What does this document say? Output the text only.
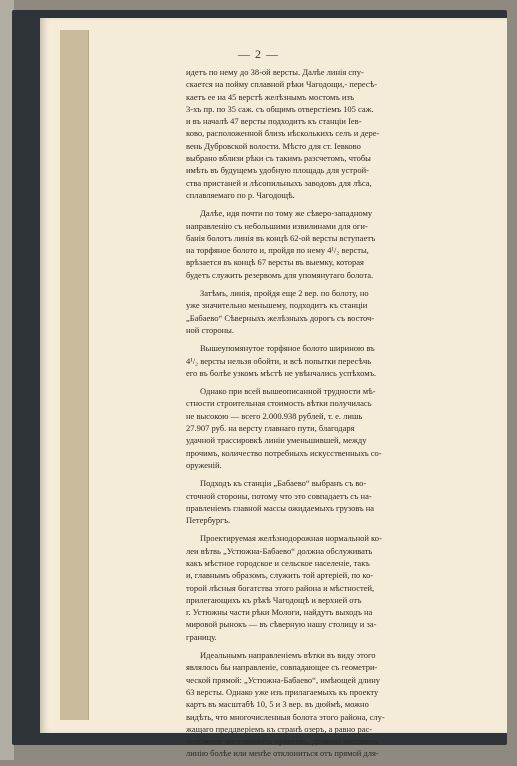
— 2 —

идетъ по нему до 38-ой версты. Далѣе линія спу-

скается на пойму сплавной рѣки Чагодощи,- пересѣ-

каетъ ее на 45 верстѣ желѣзнымъ мостомъ изъ

3-хъ пр. по 35 саж. съ общимъ отверстіемъ 105 саж.

и въ началѣ 47 версты подходитъ къ станціи Іев-

ково, расположенной близъ нѣсколькихъ селъ и дере-

вень Дубровской волости. Мѣсто для ст. Іевково

выбрано вблизи рѣки съ такимъ разсчетомъ, чтобы

имѣть въ будущемъ удобную площадь для устрой-

ства пристаней и лѣсопильныхъ заводовъ для лѣса,

сплавляемаго по р. Чагодощѣ.

Далѣе, идя почти по тому же сѣверо-западному

направленію съ небольшими извилинами для оги-

банія болотъ линія въ концѣ 62-ой версты вступаетъ

на торфяное болото и, пройдя по нему 4¹/₂ версты,

врѣзается въ концѣ 67 версты въ выемку, которая

будетъ служить резервомъ для упомянутаго болота.

Затѣмъ, линія, пройдя еще 2 вер. по болоту, но

уже значительно меньшему, подходитъ къ станціи

„Бабаево“ Сѣверныхъ желѣзныхъ дорогъ съ восточ-

ной стороны.

Вышеупомянутое торфяное болото шириною въ

4¹/₂ версты нельзя обойти, и всѣ попытки пересѣчь

его въ болѣе узкомъ мѣстѣ не увѣнчались успѣхомъ.

Однако при всей вышеописанной трудности мѣ-

стности строительная стоимость вѣтки получилась

не высокою — всего 2.000.938 рублей, т. е. лишь

27.907 руб. на версту главнаго пути, благодаря

удачной трассировкѣ линіи уменьшившей, между

прочимъ, количество потребныхъ искусственныхъ со-

оруженій.

Подходъ къ станціи „Бабаево“ выбранъ съ во-

сточной стороны, потому что это совпадаетъ съ на-

правленіемъ главной массы ожидаемыхъ грузовъ на

Петербургъ.

Проектируемая желѣзнодорожная нормальной ко-

леи вѣтвь „Устюжна-Бабаево“ должна обслуживать

какъ мѣстное городское и сельское населеніе, такъ

и, главнымъ образомъ, служить той артеріей, по ко-

торой лѣсныя богатства этого района и мѣстностей,

прилегающихъ къ рѣкѣ Чагодощѣ и верхней отъ

г. Устюжны части рѣки Мологи, найдутъ выходъ на

мировой рынокъ — въ сѣверную нашу столицу и за-

границу.

Идеальнымъ направленіемъ вѣтки въ виду этого

являлось бы направленіе, совпадающее съ геометри-

ческой прямой: „Устюжна-Бабаево“, имѣющей длину

63 версты. Однако уже изъ прилагаемыхъ къ проекту

картъ въ масштабѣ 10, 5 и 3 вер. въ дюймѣ, можно

видѣть, что многочисленныя болота этого района, слу-

жащаго преддверіемъ къ странѣ озеръ, а равно рас-

положеніе населенныхъ пунктовъ, должны заставить

линію болѣе или менѣе отклониться отъ прямой для-
